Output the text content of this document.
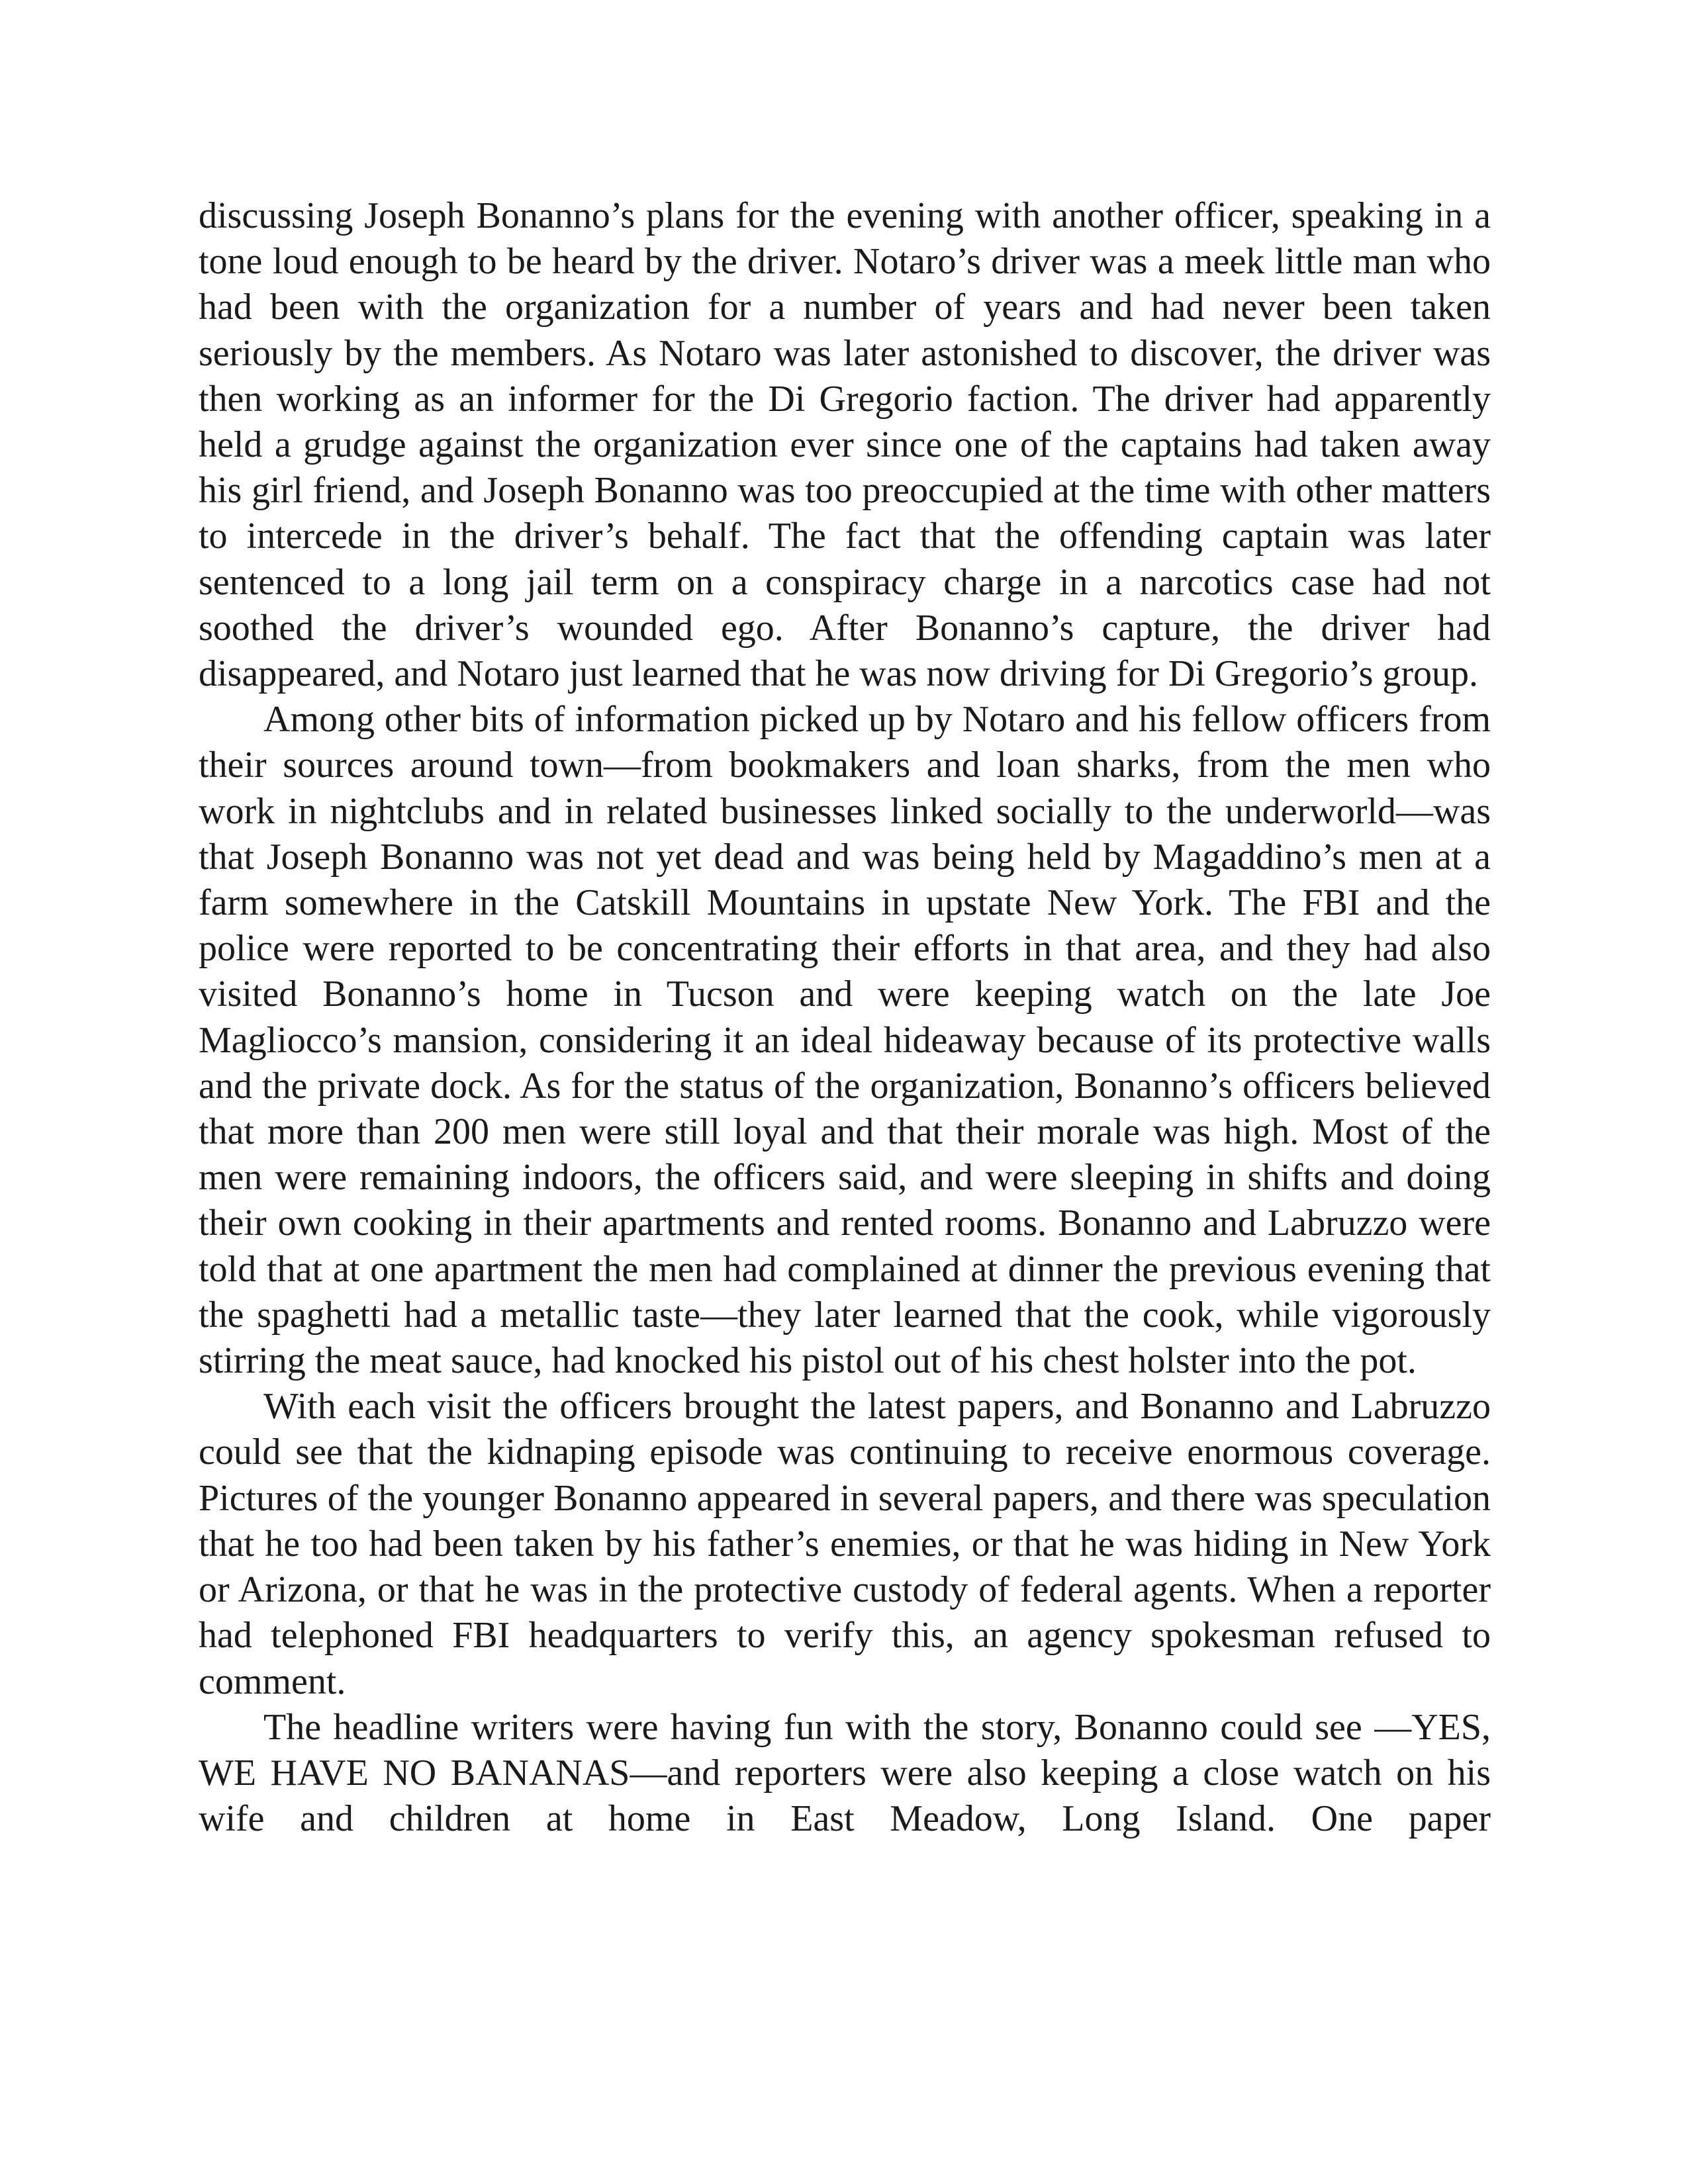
discussing Joseph Bonanno’s plans for the evening with another officer, speaking in a tone loud enough to be heard by the driver. Notaro’s driver was a meek little man who had been with the organization for a number of years and had never been taken seriously by the members. As Notaro was later astonished to discover, the driver was then working as an informer for the Di Gregorio faction. The driver had apparently held a grudge against the organization ever since one of the captains had taken away his girl friend, and Joseph Bonanno was too preoccupied at the time with other matters to intercede in the driver’s behalf. The fact that the offending captain was later sentenced to a long jail term on a conspiracy charge in a narcotics case had not soothed the driver’s wounded ego. After Bonanno’s capture, the driver had disappeared, and Notaro just learned that he was now driving for Di Gregorio’s group.

Among other bits of information picked up by Notaro and his fellow officers from their sources around town—from bookmakers and loan sharks, from the men who work in nightclubs and in related businesses linked socially to the underworld—was that Joseph Bonanno was not yet dead and was being held by Magaddino’s men at a farm somewhere in the Catskill Mountains in upstate New York. The FBI and the police were reported to be concentrating their efforts in that area, and they had also visited Bonanno’s home in Tucson and were keeping watch on the late Joe Magliocco’s mansion, considering it an ideal hideaway because of its protective walls and the private dock. As for the status of the organization, Bonanno’s officers believed that more than 200 men were still loyal and that their morale was high. Most of the men were remaining indoors, the officers said, and were sleeping in shifts and doing their own cooking in their apartments and rented rooms. Bonanno and Labruzzo were told that at one apartment the men had complained at dinner the previous evening that the spaghetti had a metallic taste—they later learned that the cook, while vigorously stirring the meat sauce, had knocked his pistol out of his chest holster into the pot.

With each visit the officers brought the latest papers, and Bonanno and Labruzzo could see that the kidnaping episode was continuing to receive enormous coverage. Pictures of the younger Bonanno appeared in several papers, and there was speculation that he too had been taken by his father’s enemies, or that he was hiding in New York or Arizona, or that he was in the protective custody of federal agents. When a reporter had telephoned FBI headquarters to verify this, an agency spokesman refused to comment.

The headline writers were having fun with the story, Bonanno could see —YES, WE HAVE NO BANANAS—and reporters were also keeping a close watch on his wife and children at home in East Meadow, Long Island. One paper
